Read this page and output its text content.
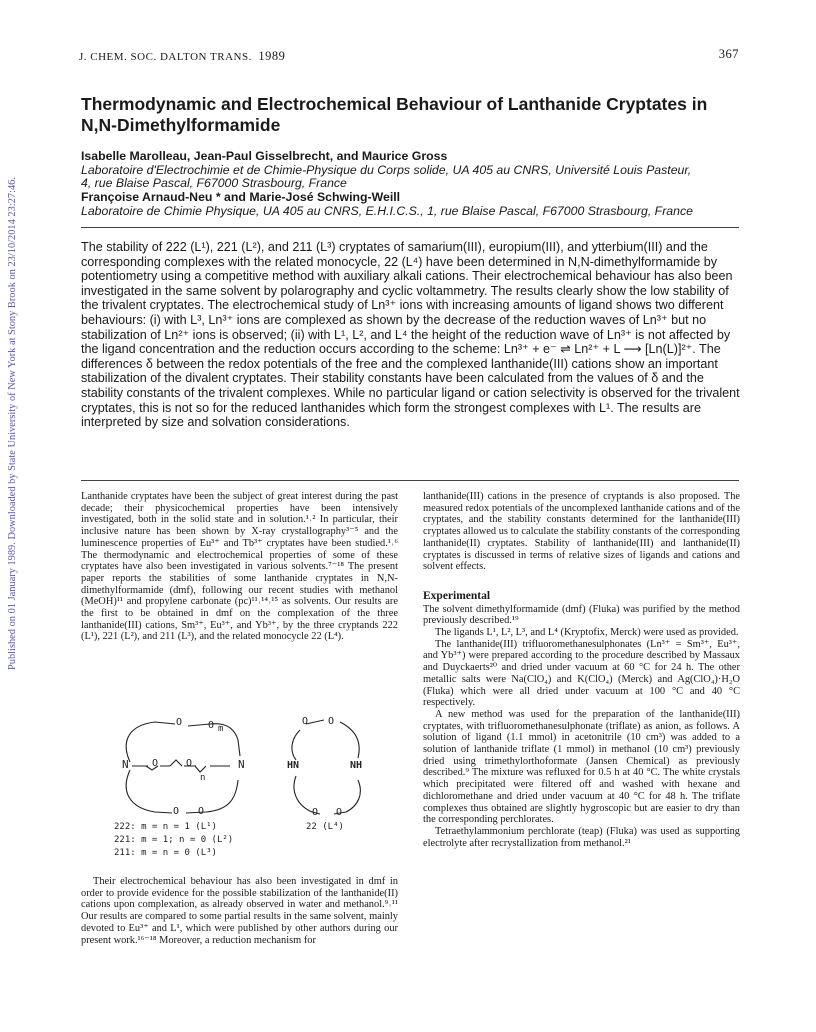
J. CHEM. SOC. DALTON TRANS. 1989	367
Published on 01 January 1989. Downloaded by State University of New York at Stony Brook on 23/10/2014 23:27:46.
Thermodynamic and Electrochemical Behaviour of Lanthanide Cryptates in N,N-Dimethylformamide
Isabelle Marolleau, Jean-Paul Gisselbrecht, and Maurice Gross
Laboratoire d'Electrochimie et de Chimie-Physique du Corps solide, UA 405 au CNRS, Université Louis Pasteur,
4, rue Blaise Pascal, F67000 Strasbourg, France
Françoise Arnaud-Neu * and Marie-José Schwing-Weill
Laboratoire de Chimie Physique, UA 405 au CNRS, E.H.I.C.S., 1, rue Blaise Pascal, F67000 Strasbourg, France

The stability of 222 (L¹), 221 (L²), and 211 (L³) cryptates of samarium(III), europium(III), and ytterbium(III) and the corresponding complexes with the related monocycle, 22 (L⁴) have been determined in N,N-dimethylformamide by potentiometry using a competitive method with auxiliary alkali cations. Their electrochemical behaviour has also been investigated in the same solvent by polarography and cyclic voltammetry. The results clearly show the low stability of the trivalent cryptates. The electrochemical study of Ln³⁺ ions with increasing amounts of ligand shows two different behaviours: (i) with L³, Ln³⁺ ions are complexed as shown by the decrease of the reduction waves of Ln³⁺ but no stabilization of Ln²⁺ ions is observed; (ii) with L¹, L², and L⁴ the height of the reduction wave of Ln³⁺ is not affected by the ligand concentration and the reduction occurs according to the scheme: Ln³⁺ + e⁻ ⇌ Ln²⁺ + L ⟶ [Ln(L)]²⁺. The differences δ between the redox potentials of the free and the complexed lanthanide(III) cations show an important stabilization of the divalent cryptates. Their stability constants have been calculated from the values of δ and the stability constants of the trivalent complexes. While no particular ligand or cation selectivity is observed for the trivalent cryptates, this is not so for the reduced lanthanides which form the strongest complexes with L¹. The results are interpreted by size and solvation considerations.

Lanthanide cryptates have been the subject of great interest during the past decade; their physicochemical properties have been intensively investigated, both in the solid state and in solution.¹˒² In particular, their inclusive nature has been shown by X-ray crystallography³⁻⁵ and the luminescence properties of Eu³⁺ and Tb³⁺ cryptates have been studied.¹˒⁶ The thermodynamic and electrochemical properties of some of these cryptates have also been investigated in various solvents.⁷⁻¹⁸ The present paper reports the stabilities of some lanthanide cryptates in N,N-dimethylformamide (dmf), following our recent studies with methanol (MeOH)¹¹ and propylene carbonate (pc)¹¹˒¹⁴˒¹⁵ as solvents. Our results are the first to be obtained in dmf on the complexation of the three lanthanide(III) cations, Sm³⁺, Eu³⁺, and Yb³⁺, by the three cryptands 222 (L¹), 221 (L²), and 211 (L³), and the related monocycle 22 (L⁴).

N	N
O	O m
O	O
n
O O
HN	NH
O O
O O
222: m = n = 1 (L¹)
221: m = 1; n = 0 (L²)
211: m = n = 0 (L³)
22 (L⁴)

Their electrochemical behaviour has also been investigated in dmf in order to provide evidence for the possible stabilization of the lanthanide(II) cations upon complexation, as already observed in water and methanol.⁹˒¹¹ Our results are compared to some partial results in the same solvent, mainly devoted to Eu³⁺ and L¹, which were published by other authors during our present work.¹⁶⁻¹⁸ Moreover, a reduction mechanism for

lanthanide(III) cations in the presence of cryptands is also proposed. The measured redox potentials of the uncomplexed lanthanide cations and of the cryptates, and the stability constants determined for the lanthanide(III) cryptates allowed us to calculate the stability constants of the corresponding lanthanide(II) cryptates. Stability of lanthanide(III) and lanthanide(II) cryptates is discussed in terms of relative sizes of ligands and cations and solvent effects.

Experimental

The solvent dimethylformamide (dmf) (Fluka) was purified by the method previously described.¹⁹

The ligands L¹, L², L³, and L⁴ (Kryptofix, Merck) were used as provided.

The lanthanide(III) trifluoromethanesulphonates (Ln³⁺ = Sm³⁺, Eu³⁺, and Yb³⁺) were prepared according to the procedure described by Massaux and Duyckaerts²⁰ and dried under vacuum at 60 °C for 24 h. The other metallic salts were Na(ClO₄) and K(ClO₄) (Merck) and Ag(ClO₄)·H₂O (Fluka) which were all dried under vacuum at 100 °C and 40 °C respectively.

A new method was used for the preparation of the lanthanide(III) cryptates, with trifluoromethanesulphonate (triflate) as anion, as follows. A solution of ligand (1.1 mmol) in acetonitrile (10 cm³) was added to a solution of lanthanide triflate (1 mmol) in methanol (10 cm³) previously dried using trimethylorthoformate (Jansen Chemical) as previously described.⁹ The mixture was refluxed for 0.5 h at 40 °C. The white crystals which precipitated were filtered off and washed with hexane and dichloromethane and dried under vacuum at 40 °C for 48 h. The triflate complexes thus obtained are slightly hygroscopic but are easier to dry than the corresponding perchlorates.

Tetraethylammonium perchlorate (teap) (Fluka) was used as supporting electrolyte after recrystallization from methanol.²¹
